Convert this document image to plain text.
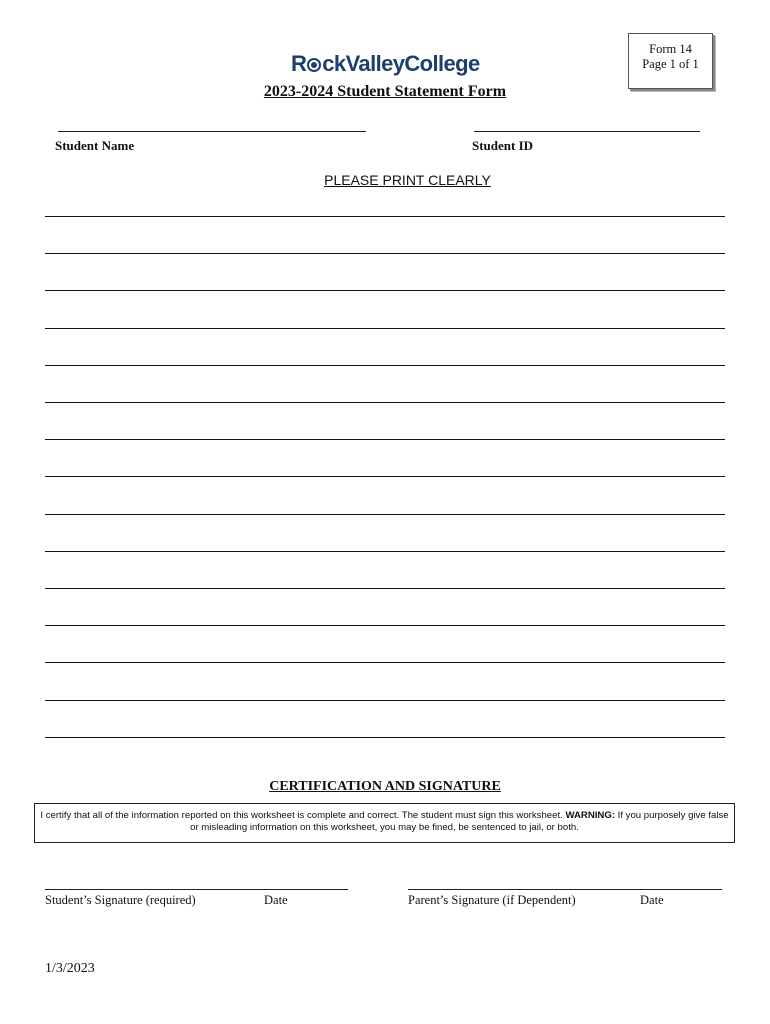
R ckValleyCollege
Form 14
Page 1 of 1
2023-2024 Student Statement Form
Student Name	Student ID
PLEASE PRINT CLEARLY
CERTIFICATION AND SIGNATURE
I certify that all of the information reported on this worksheet is complete and correct. The student must sign this worksheet. WARNING: If you purposely give false or misleading information on this worksheet, you may be fined, be sentenced to jail, or both.
Student’s Signature (required)	Date	Parent’s Signature (if Dependent)	Date
1/3/2023
